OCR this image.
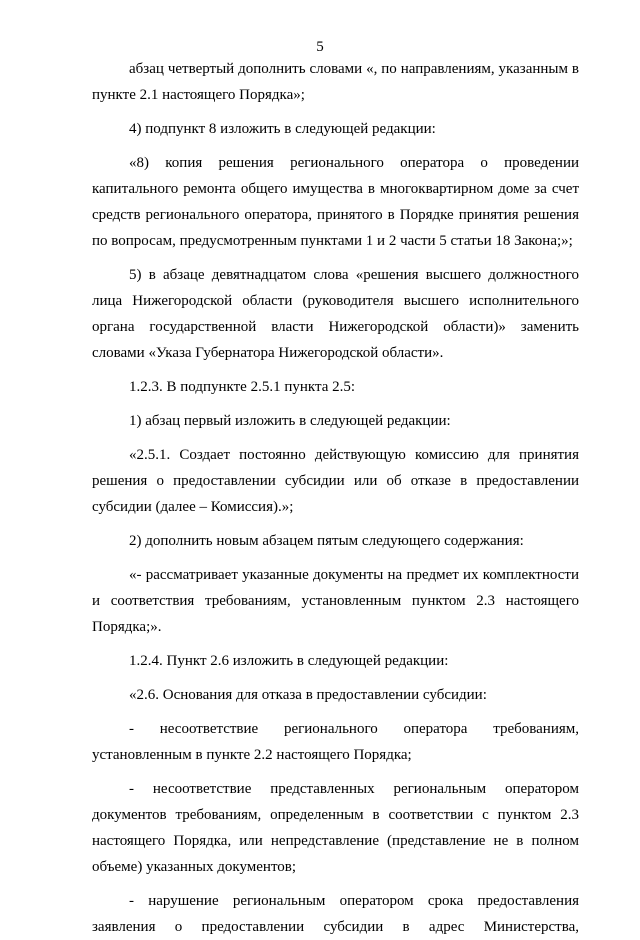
5

абзац четвертый дополнить словами «, по направлениям, указанным в пункте 2.1 настоящего Порядка»;

4) подпункт 8 изложить в следующей редакции:

«8) копия решения регионального оператора о проведении капитального ремонта общего имущества в многоквартирном доме за счет средств регионального оператора, принятого в Порядке принятия решения по вопросам, предусмотренным пунктами 1 и 2 части 5 статьи 18 Закона;»;

5) в абзаце девятнадцатом слова «решения высшего должностного лица Нижегородской области (руководителя высшего исполнительного органа государственной власти Нижегородской области)» заменить словами «Указа Губернатора Нижегородской области».

1.2.3. В подпункте 2.5.1 пункта 2.5:

1) абзац первый изложить в следующей редакции:

«2.5.1. Создает постоянно действующую комиссию для принятия решения о предоставлении субсидии или об отказе в предоставлении субсидии (далее – Комиссия).»;

2) дополнить новым абзацем пятым следующего содержания:

«- рассматривает указанные документы на предмет их комплектности и соответствия требованиям, установленным пунктом 2.3 настоящего Порядка;».

1.2.4. Пункт 2.6 изложить в следующей редакции:

«2.6. Основания для отказа в предоставлении субсидии:

- несоответствие регионального оператора требованиям, установленным в пункте 2.2 настоящего Порядка;

- несоответствие представленных региональным оператором документов требованиям, определенным в соответствии с пунктом 2.3 настоящего Порядка, или непредставление (представление не в полном объеме) указанных документов;

- нарушение региональным оператором срока предоставления заявления о предоставлении субсидии в адрес Министерства,
